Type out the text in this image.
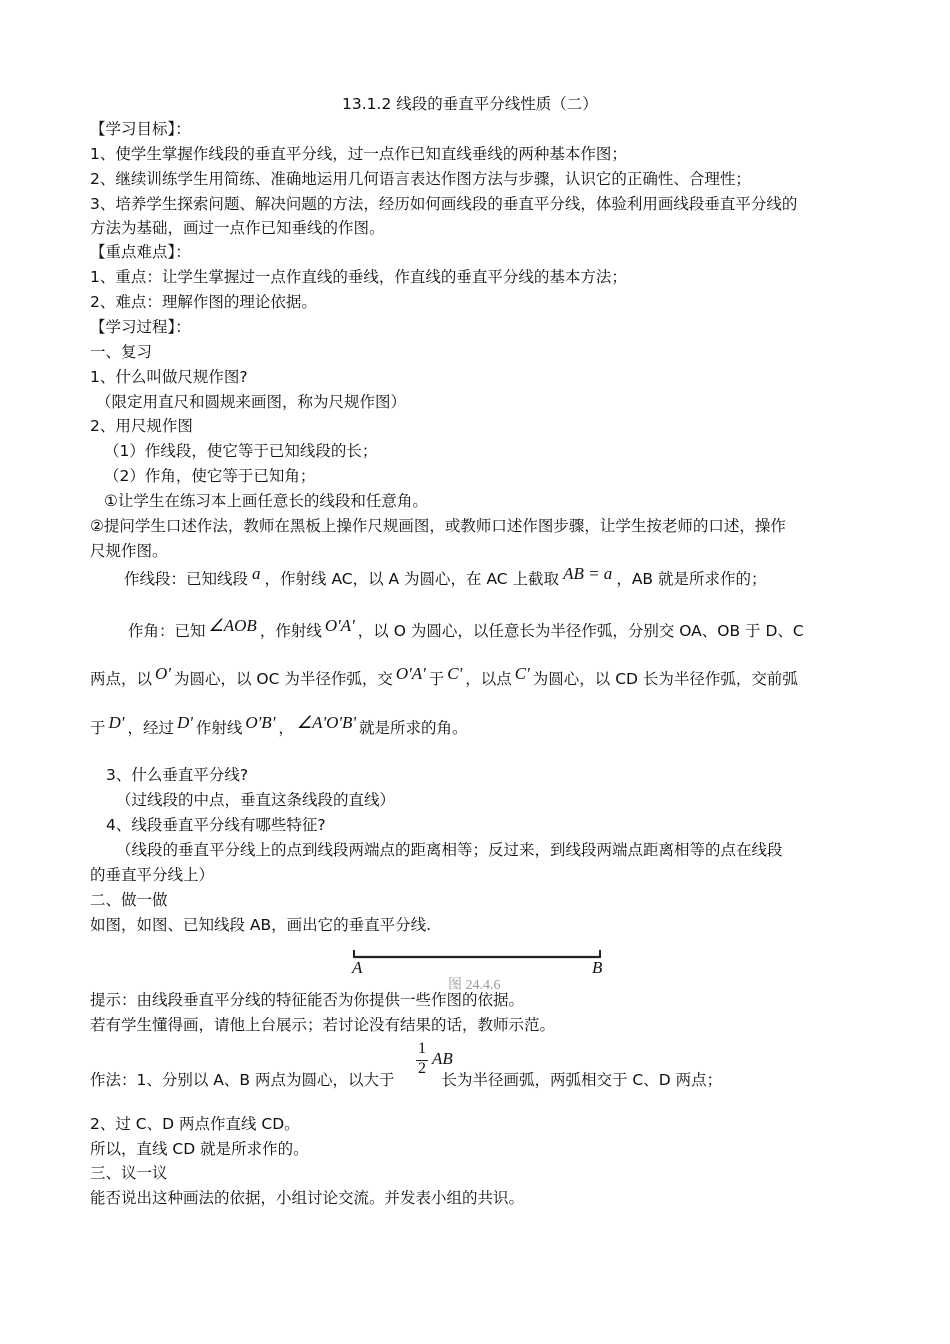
13.1.2 线段的垂直平分线性质（二）
【学习目标】：
1、使学生掌握作线段的垂直平分线，过一点作已知直线垂线的两种基本作图；
2、继续训练学生用简练、准确地运用几何语言表达作图方法与步骤，认识它的正确性、合理性；
3、培养学生探索问题、解决问题的方法，经历如何画线段的垂直平分线，体验利用画线段垂直平分线的
方法为基础，画过一点作已知垂线的作图。
【重点难点】：
1、重点：让学生掌握过一点作直线的垂线，作直线的垂直平分线的基本方法；
2、难点：理解作图的理论依据。
【学习过程】：
一、复习
1、什么叫做尺规作图?
（限定用直尺和圆规来画图，称为尺规作图）
2、用尺规作图
（1）作线段，使它等于已知线段的长；
（2）作角，使它等于已知角；
①让学生在练习本上画任意长的线段和任意角。
②提问学生口述作法，教师在黑板上操作尺规画图，或教师口述作图步骤，让学生按老师的口述，操作
尺规作图。
作线段：已知线段 a ，作射线 AC，以 A 为圆心，在 AC 上截取 AB = a ，AB 就是所求作的；
作角：已知 ∠AOB ，作射线 O'A' ，以 O 为圆心，以任意长为半径作弧，分别交 OA、OB 于 D、C
两点，以 O' 为圆心，以 OC 为半径作弧，交 O'A' 于 C' ，以点 C' 为圆心，以 CD 长为半径作弧，交前弧
于 D' ，经过 D' 作射线 O'B' ， ∠A'O'B' 就是所求的角。
3、什么垂直平分线?
（过线段的中点，垂直这条线段的直线）
4、线段垂直平分线有哪些特征?
（线段的垂直平分线上的点到线段两端点的距离相等；反过来，到线段两端点距离相等的点在线段
的垂直平分线上）
二、做一做
如图，如图、已知线段 AB，画出它的垂直平分线.
A	B
图 24.4.6
提示：由线段垂直平分线的特征能否为你提供一些作图的依据。
若有学生懂得画，请他上台展示；若讨论没有结果的话，教师示范。
1
2
AB
作法：1、分别以 A、B 两点为圆心，以大于	长为半径画弧，两弧相交于 C、D 两点；
2、过 C、D 两点作直线 CD。
所以，直线 CD 就是所求作的。
三、议一议
能否说出这种画法的依据，小组讨论交流。并发表小组的共识。
